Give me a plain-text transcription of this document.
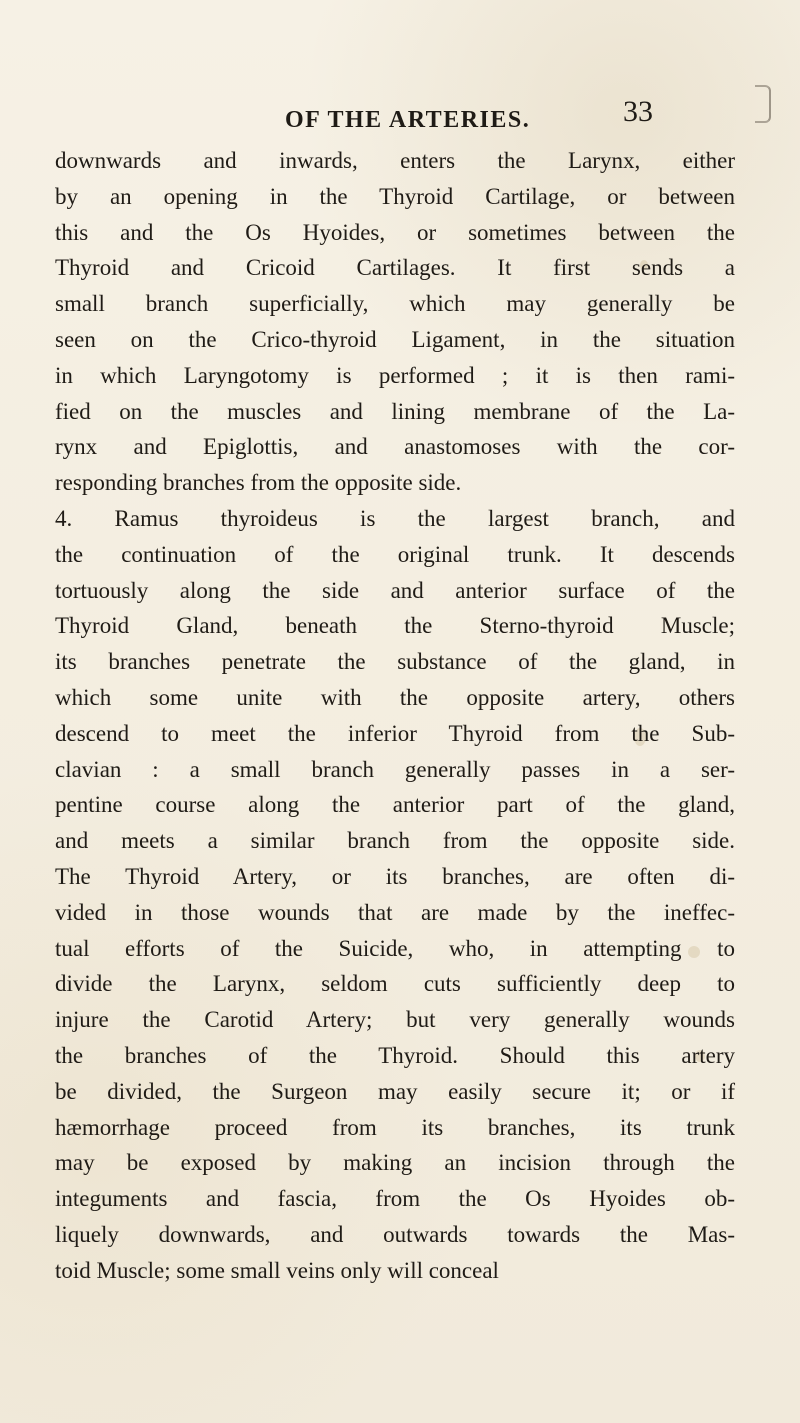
OF THE ARTERIES.	33
downwards and inwards, enters the Larynx, either
by an opening in the Thyroid Cartilage, or between
this and the Os Hyoides, or sometimes between the
Thyroid and Cricoid Cartilages. It first sends a
small branch superficially, which may generally be
seen on the Crico-thyroid Ligament, in the situation
in which Laryngotomy is performed ; it is then rami-
fied on the muscles and lining membrane of the La-
rynx and Epiglottis, and anastomoses with the cor-
responding branches from the opposite side.
4. Ramus thyroideus is the largest branch, and
the continuation of the original trunk. It descends
tortuously along the side and anterior surface of the
Thyroid Gland, beneath the Sterno-thyroid Muscle;
its branches penetrate the substance of the gland, in
which some unite with the opposite artery, others
descend to meet the inferior Thyroid from the Sub-
clavian : a small branch generally passes in a ser-
pentine course along the anterior part of the gland,
and meets a similar branch from the opposite side.
The Thyroid Artery, or its branches, are often di-
vided in those wounds that are made by the ineffec-
tual efforts of the Suicide, who, in attempting to
divide the Larynx, seldom cuts sufficiently deep to
injure the Carotid Artery; but very generally wounds
the branches of the Thyroid. Should this artery
be divided, the Surgeon may easily secure it; or if
hæmorrhage proceed from its branches, its trunk
may be exposed by making an incision through the
integuments and fascia, from the Os Hyoides ob-
liquely downwards, and outwards towards the Mas-
toid Muscle; some small veins only will conceal
